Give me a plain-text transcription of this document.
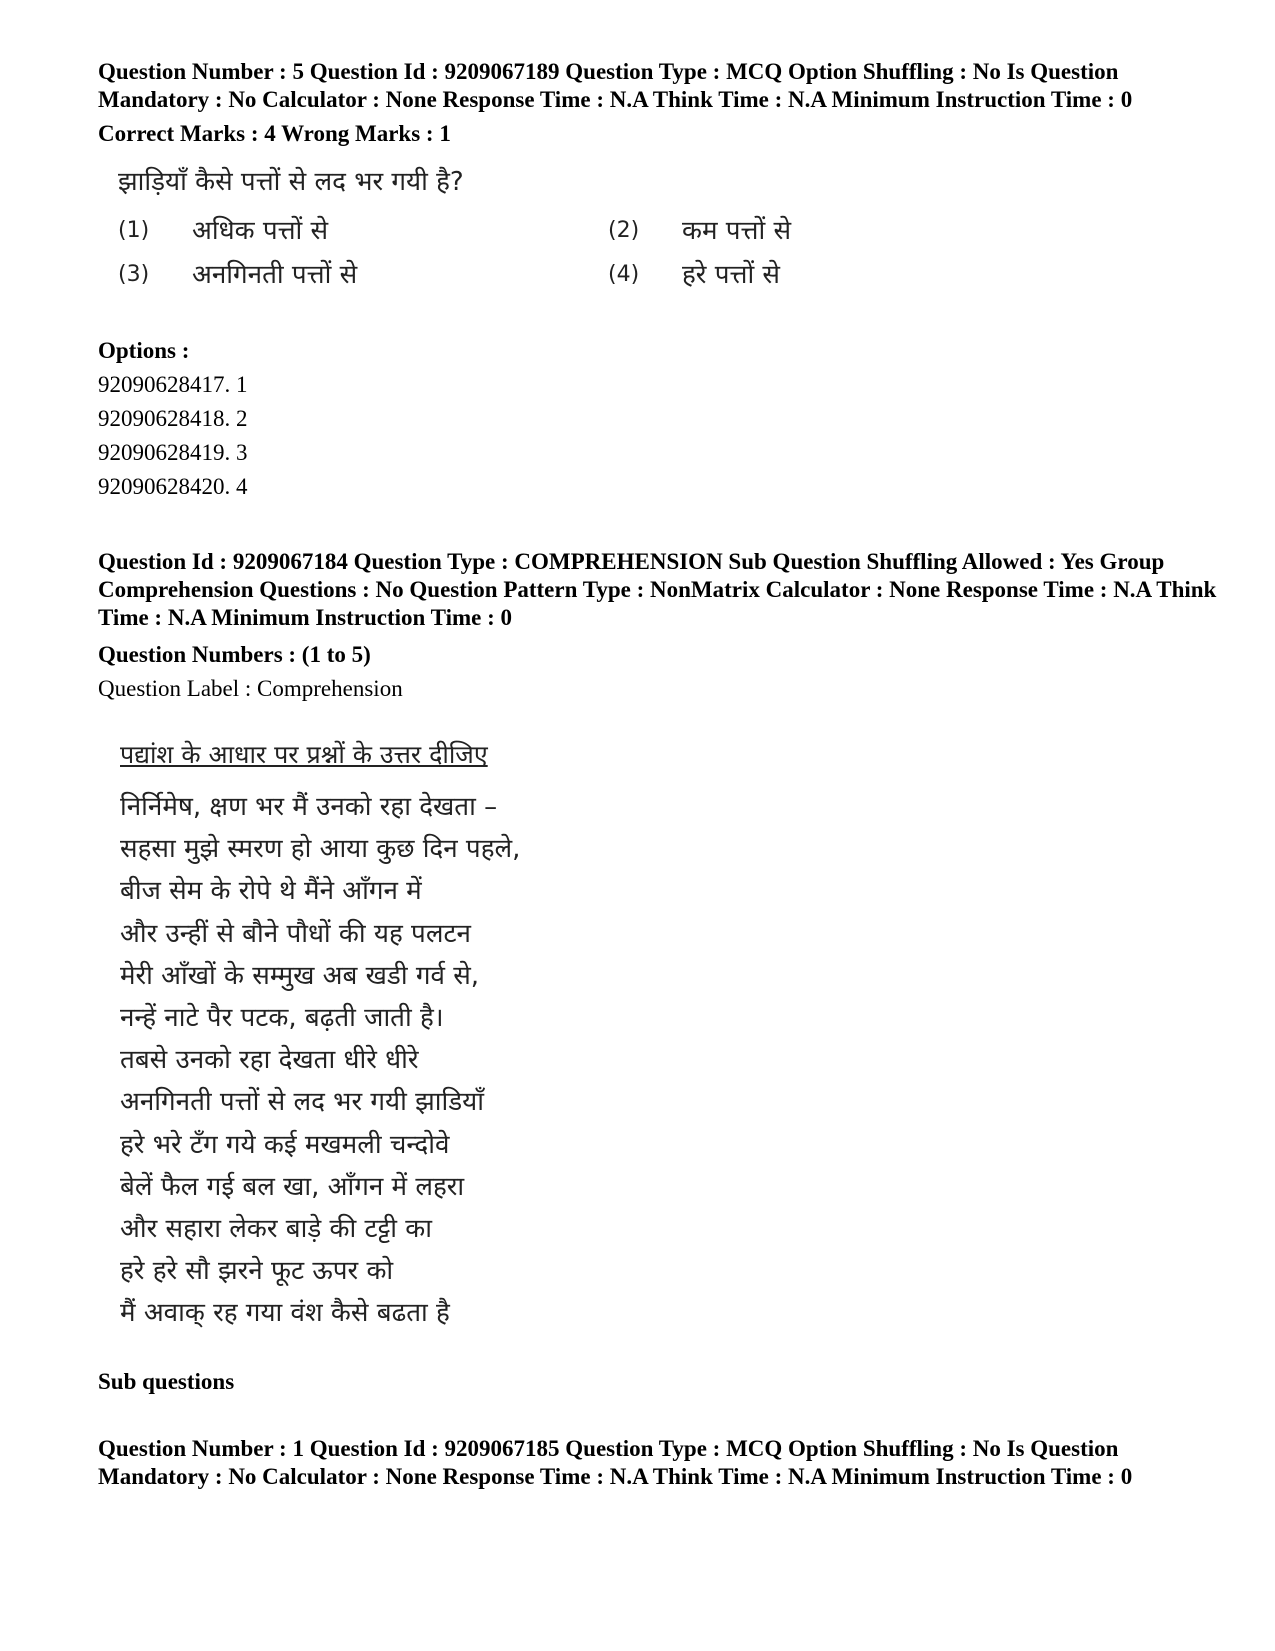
Question Number : 5 Question Id : 9209067189 Question Type : MCQ Option Shuffling : No Is Question Mandatory : No Calculator : None Response Time : N.A Think Time : N.A Minimum Instruction Time : 0

Correct Marks : 4 Wrong Marks : 1

झाड़ियाँ कैसे पत्तों से लद भर गयी है?

(1)	अधिक पत्तों से	(2)	कम पत्तों से
(3)	अनगिनती पत्तों से	(4)	हरे पत्तों से

Options :

92090628417. 1

92090628418. 2

92090628419. 3

92090628420. 4

Question Id : 9209067184 Question Type : COMPREHENSION Sub Question Shuffling Allowed : Yes Group Comprehension Questions : No Question Pattern Type : NonMatrix Calculator : None Response Time : N.A Think Time : N.A Minimum Instruction Time : 0

Question Numbers : (1 to 5)

Question Label : Comprehension

पद्यांश के आधार पर प्रश्नों के उत्तर दीजिए

निर्निमेष, क्षण भर मैं उनको रहा देखता –

सहसा मुझे स्मरण हो आया कुछ दिन पहले,

बीज सेम के रोपे थे मैंने आँगन में

और उन्हीं से बौने पौधों की यह पलटन

मेरी आँखों के सम्मुख अब खडी गर्व से,

नन्हें नाटे पैर पटक, बढ़ती जाती है।

तबसे उनको रहा देखता धीरे धीरे

अनगिनती पत्तों से लद भर गयी झाडियाँ

हरे भरे टँग गये कई मखमली चन्दोवे

बेलें फैल गई बल खा, आँगन में लहरा

और सहारा लेकर बाड़े की टट्टी का

हरे हरे सौ झरने फूट ऊपर को

मैं अवाक् रह गया वंश कैसे बढता है

Sub questions

Question Number : 1 Question Id : 9209067185 Question Type : MCQ Option Shuffling : No Is Question Mandatory : No Calculator : None Response Time : N.A Think Time : N.A Minimum Instruction Time : 0
